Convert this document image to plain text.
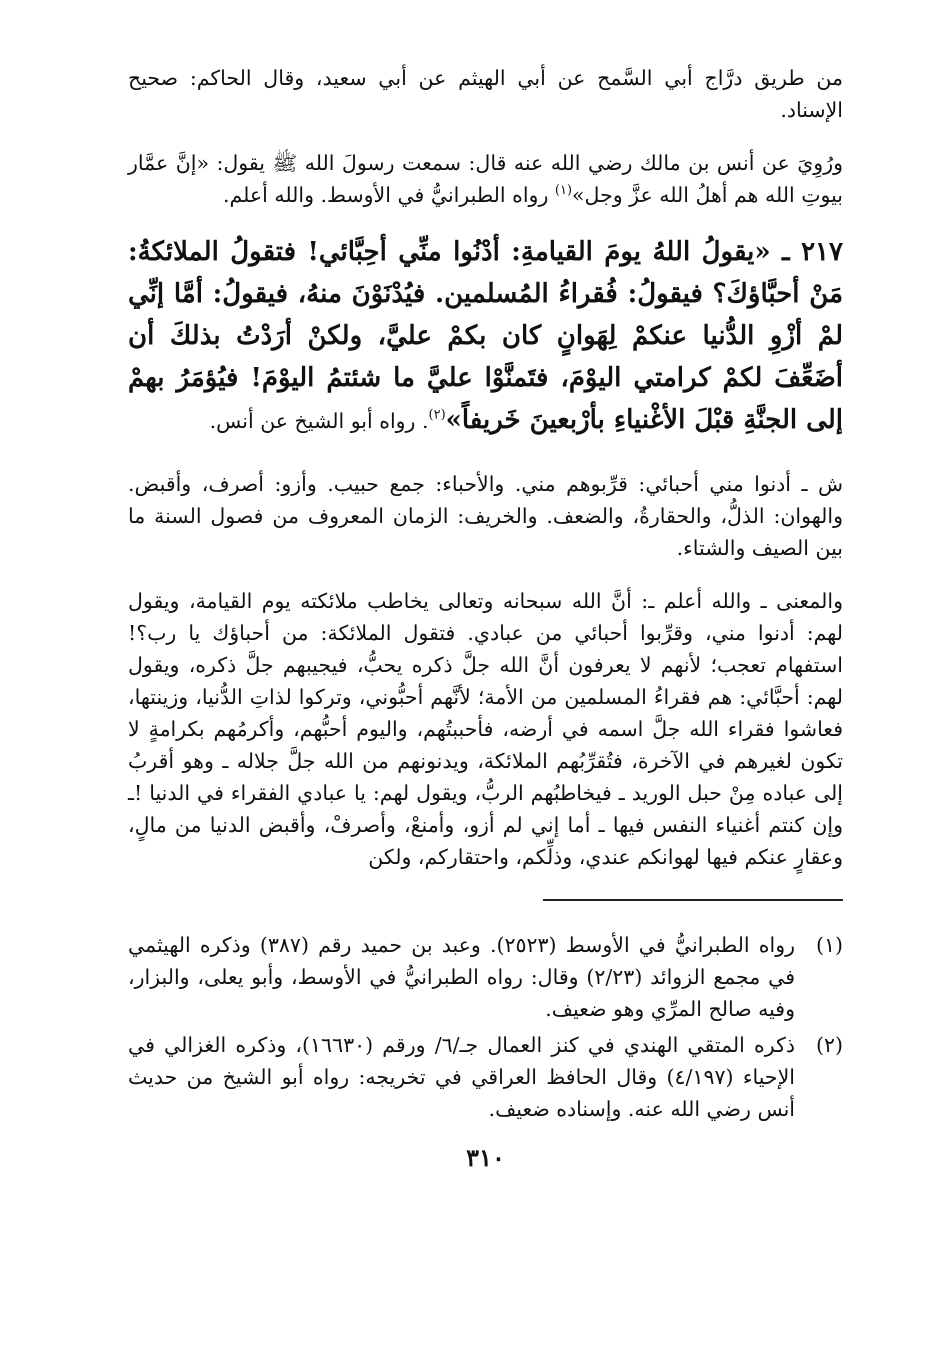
من طريق درَّاج أبي السَّمح عن أبي الهيثم عن أبي سعيد، وقال الحاكم: صحيح الإسناد.

ورُوِيَ عن أنس بن مالك رضي الله عنه قال: سمعت رسولَ الله ﷺ يقول: «إنَّ عمَّار بيوتِ الله هم أهلُ الله عزَّ وجل»$^{(١)}$ رواه الطبرانيُّ في الأوسط. والله أعلم.

٢١٧ ـ «يقولُ اللهُ يومَ القيامةِ: أدْنُوا منِّي أحِبَّائي! فتقولُ الملائكةُ: مَنْ أحبَّاؤكَ؟ فيقولُ: فُقراءُ المُسلمين. فيُدْنَوْنَ منهُ، فيقولُ: أمَّا إنِّي لمْ أزْوِ الدُّنيا عنكمْ لِهَوانٍ كان بكمْ عليَّ، ولكنْ أرَدْتُ بذلكَ أن أضَعِّفَ لكمْ كرامتي اليوْمَ، فتَمنَّوْا عليَّ ما شئتمُ اليوْمَ! فيُؤمَرُ بهمْ إلى الجنَّةِ قبْلَ الأغْنياءِ بأرْبعينَ خَريفاً»$^{(٢)}$. رواه أبو الشيخ عن أنس.

ش ـ أدنوا مني أحبائي: قرِّبوهم مني. والأحباء: جمع حبيب. وأزو: أصرف، وأقبض. والهوان: الذلُّ، والحقارةُ، والضعف. والخريف: الزمان المعروف من فصول السنة ما بين الصيف والشتاء.

والمعنى ـ والله أعلم ـ: أنَّ الله سبحانه وتعالى يخاطب ملائكته يوم القيامة، ويقول لهم: أدنوا مني، وقرِّبوا أحبائي من عبادي. فتقول الملائكة: من أحباؤك يا رب؟! استفهام تعجب؛ لأنهم لا يعرفون أنَّ الله جلَّ ذكره يحبُّ، فيجيبهم جلَّ ذكره، ويقول لهم: أحبَّائي: هم فقراءُ المسلمين من الأمة؛ لأنَّهم أحبُّوني، وتركوا لذاتِ الدُّنيا، وزينتها، فعاشوا فقراء الله جلَّ اسمه في أرضه، فأحببتُهم، واليوم أحبُّهم، وأكرمُهم بكرامةٍ لا تكون لغيرهم في الآخرة، فتُقرِّبُهم الملائكة، ويدنونهم من الله جلَّ جلاله ـ وهو أقربُ إلى عباده مِنْ حبل الوريد ـ فيخاطبُهم الربُّ، ويقول لهم: يا عبادي الفقراء في الدنيا !ـ وإن كنتم أغنياء النفس فيها ـ أما إني لم أزو، وأمنعْ، وأصرفْ، وأقبض الدنيا من مالٍ، وعقارٍ عنكم فيها لهوانكم عندي، وذلِّكم، واحتقاركم، ولكن

(١)
رواه الطبرانيُّ في الأوسط (٢٥٢٣). وعبد بن حميد رقم (٣٨٧) وذكره الهيثمي في مجمع الزوائد (٢/٢٣) وقال: رواه الطبرانيُّ في الأوسط، وأبو يعلى، والبزار، وفيه صالح المرِّي وهو ضعيف.
(٢)
ذكره المتقي الهندي في كنز العمال جـ/٦/ ورقم (١٦٦٣٠)، وذكره الغزالي في الإحياء (٤/١٩٧) وقال الحافظ العراقي في تخريجه: رواه أبو الشيخ من حديث أنس رضي الله عنه. وإسناده ضعيف.
٣١٠
